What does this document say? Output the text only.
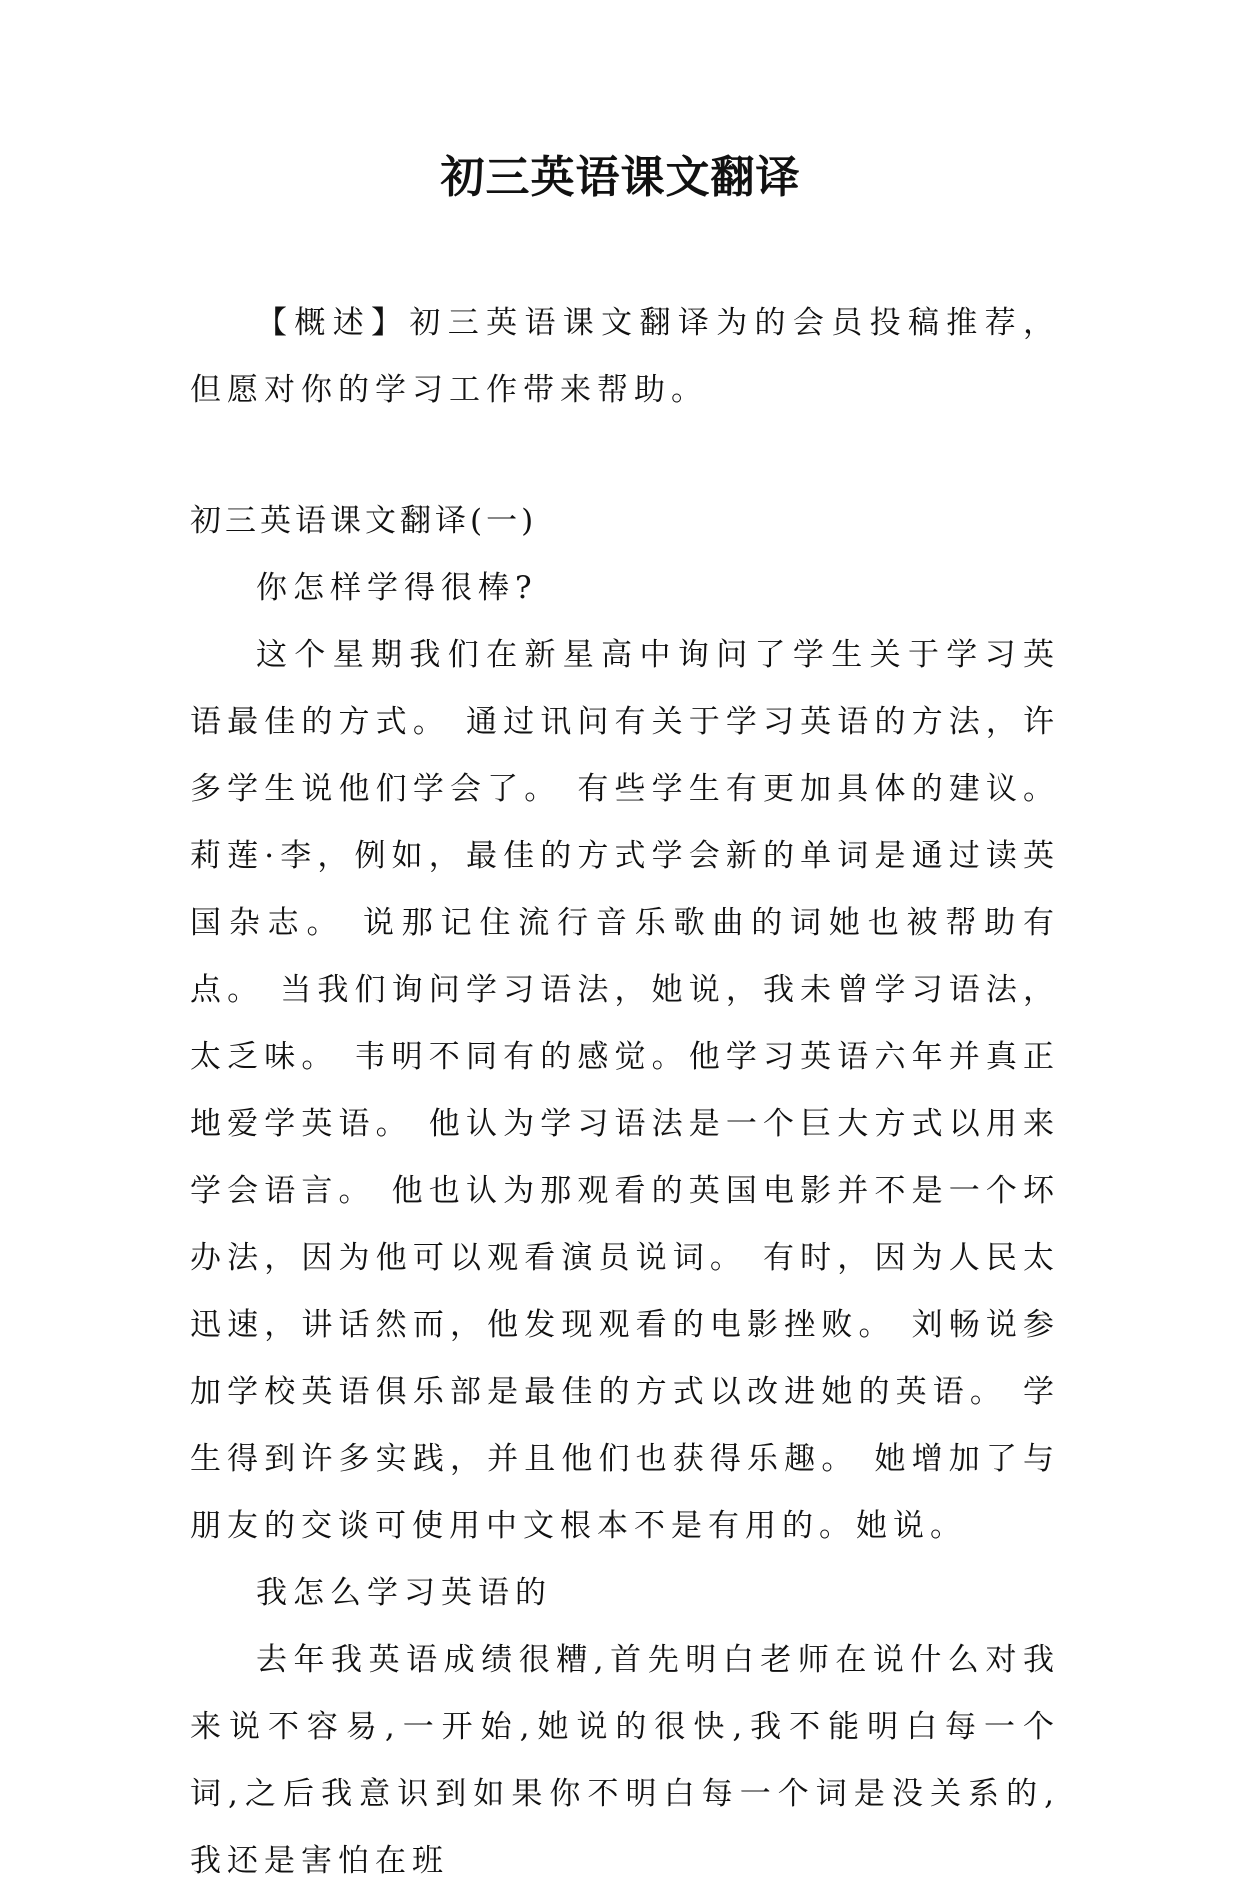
初三英语课文翻译

【概述】初三英语课文翻译为的会员投稿推荐，但愿对你的学习工作带来帮助。

初三英语课文翻译(一)

你怎样学得很棒?

这个星期我们在新星高中询问了学生关于学习英语最佳的方式。 通过讯问有关于学习英语的方法，许多学生说他们学会了。 有些学生有更加具体的建议。 莉莲·李，例如，最佳的方式学会新的单词是通过读英国杂志。 说那记住流行音乐歌曲的词她也被帮助有点。 当我们询问学习语法，她说，我未曾学习语法，太乏味。 韦明不同有的感觉。他学习英语六年并真正地爱学英语。 他认为学习语法是一个巨大方式以用来学会语言。 他也认为那观看的英国电影并不是一个坏办法，因为他可以观看演员说词。 有时，因为人民太迅速，讲话然而，他发现观看的电影挫败。 刘畅说参加学校英语俱乐部是最佳的方式以改进她的英语。 学生得到许多实践，并且他们也获得乐趣。 她增加了与朋友的交谈可使用中文根本不是有用的。她说。

我怎么学习英语的

去年我英语成绩很糟,首先明白老师在说什么对我来说不容易,一开始,她说的很快,我不能明白每一个词,之后我意识到如果你不明白每一个词是没关系的,我还是害怕在班
